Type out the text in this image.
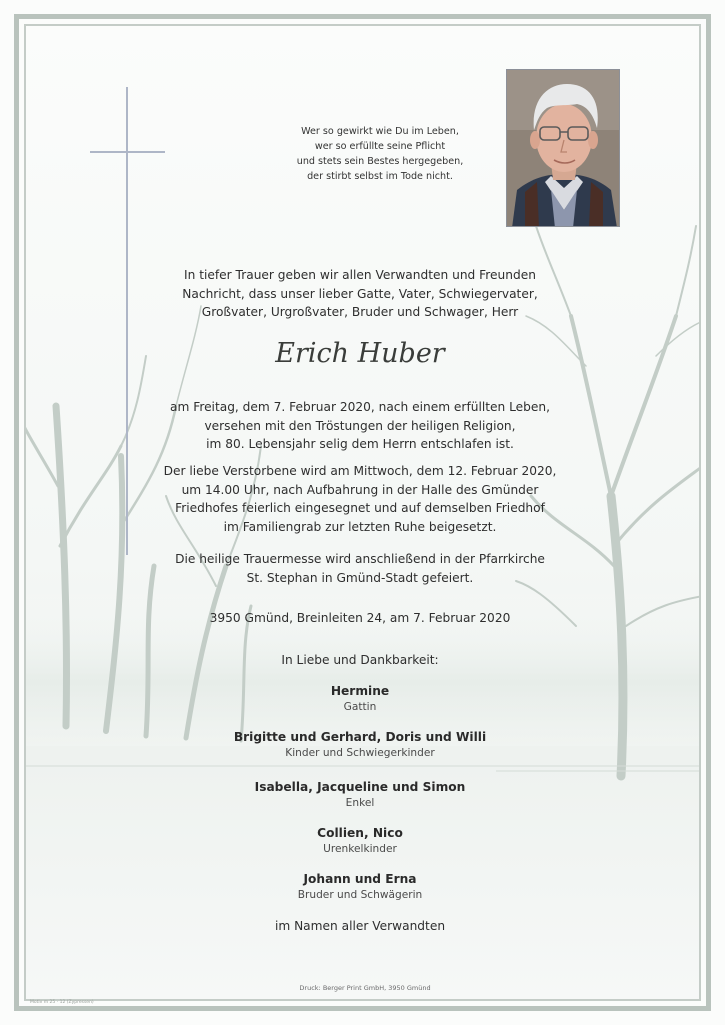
Wer so gewirkt wie Du im Leben,
wer so erfüllte seine Pflicht
und stets sein Bestes hergegeben,
der stirbt selbst im Tode nicht.
In tiefer Trauer geben wir allen Verwandten und Freunden
Nachricht, dass unser lieber Gatte, Vater, Schwiegervater,
Großvater, Urgroßvater, Bruder und Schwager, Herr
Erich Huber
am Freitag, dem 7. Februar 2020, nach einem erfüllten Leben,
versehen mit den Tröstungen der heiligen Religion,
im 80. Lebensjahr selig dem Herrn entschlafen ist.
Der liebe Verstorbene wird am Mittwoch, dem 12. Februar 2020,
um 14.00 Uhr, nach Aufbahrung in der Halle des Gmünder
Friedhofes feierlich eingesegnet und auf demselben Friedhof
im Familiengrab zur letzten Ruhe beigesetzt.
Die heilige Trauermesse wird anschließend in der Pfarrkirche
St. Stephan in Gmünd-Stadt gefeiert.
3950 Gmünd, Breinleiten 24, am 7. Februar 2020
In Liebe und Dankbarkeit:
Hermine
Gattin
Brigitte und Gerhard, Doris und Willi
Kinder und Schwiegerkinder
Isabella, Jacqueline und Simon
Enkel
Collien, Nico
Urenkelkinder
Johann und Erna
Bruder und Schwägerin
im Namen aller Verwandten
Druck: Berger Print GmbH, 3950 Gmünd
Motiv m 25 · 12 (Zypressen)
